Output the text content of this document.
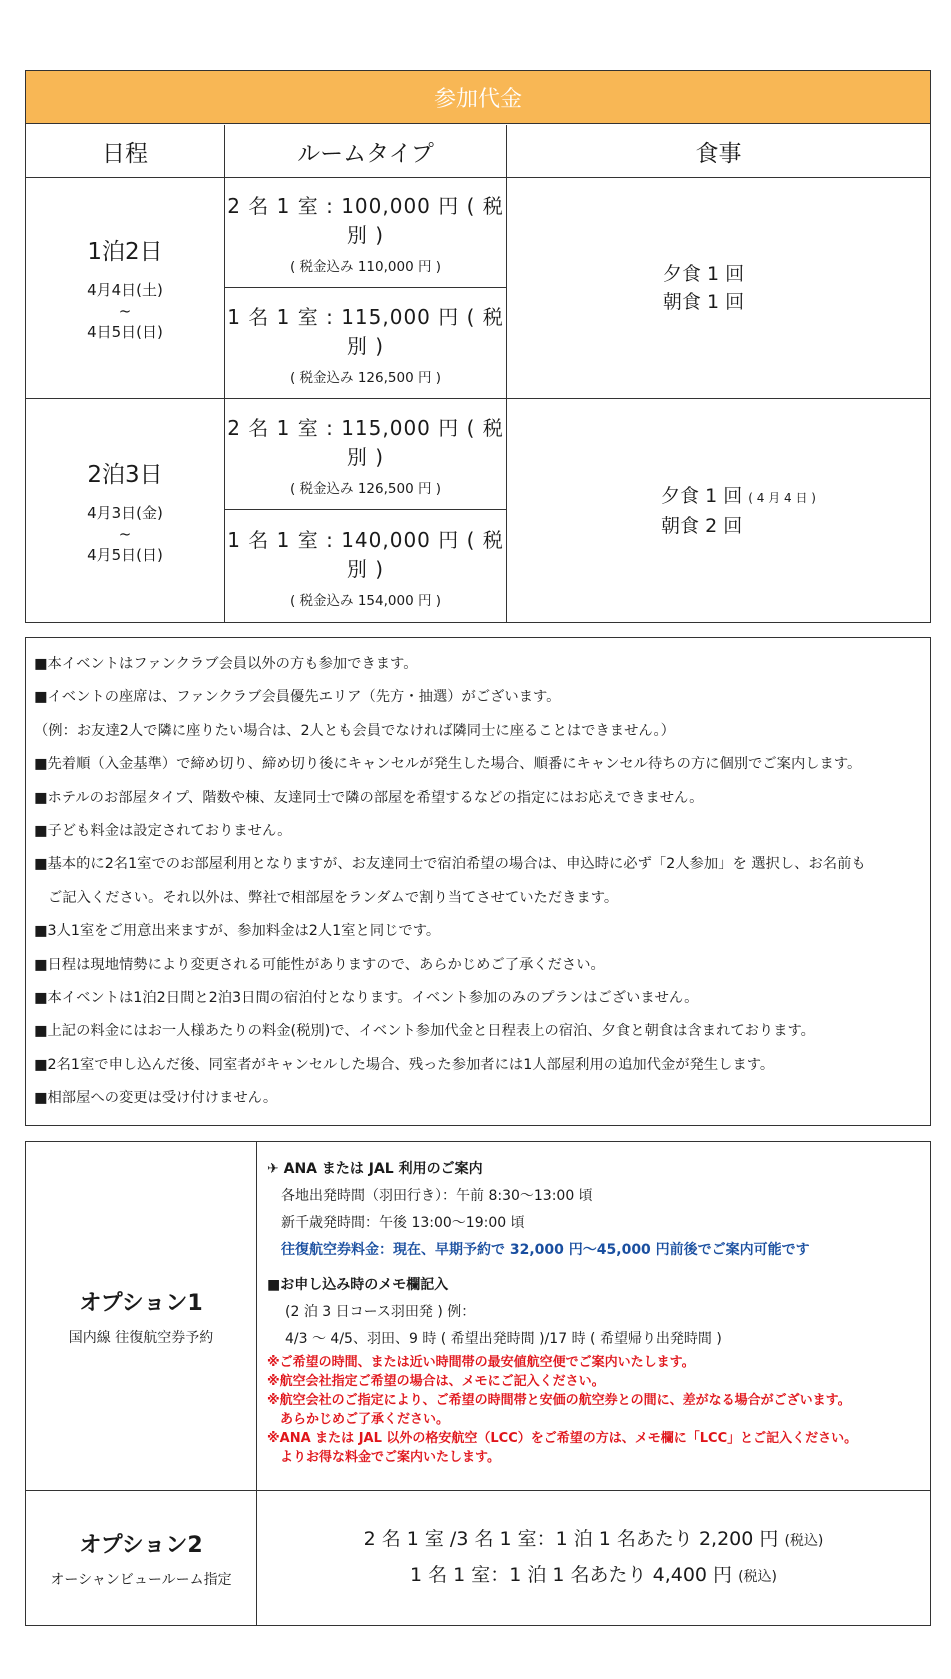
参加代金
日程	ルームタイプ	食事
1泊2日
4月4日(土)
~
4日5日(日)
2 名 1 室 : 100,000 円 ( 税別 )
( 税金込み 110,000 円 )
1 名 1 室 : 115,000 円 ( 税別 )
( 税金込み 126,500 円 )
夕食 1 回
朝食 1 回
2泊3日
4月3日(金)
~
4月5日(日)
2 名 1 室 : 115,000 円 ( 税別 )
( 税金込み 126,500 円 )
1 名 1 室 : 140,000 円 ( 税別 )
( 税金込み 154,000 円 )
夕食 1 回 ( 4 月 4 日 )
朝食 2 回
■本イベントはファンクラブ会員以外の方も参加できます。
■イベントの座席は、ファンクラブ会員優先エリア（先方・抽選）がございます。
（例：お友達2人で隣に座りたい場合は、2人とも会員でなければ隣同士に座ることはできません。）
■先着順（入金基準）で締め切り、締め切り後にキャンセルが発生した場合、順番にキャンセル待ちの方に個別でご案内します。
■ホテルのお部屋タイプ、階数や棟、友達同士で隣の部屋を希望するなどの指定にはお応えできません。
■子ども料金は設定されておりません。
■基本的に2名1室でのお部屋利用となりますが、お友達同士で宿泊希望の場合は、申込時に必ず「2人参加」を 選択し、お名前も
ご記入ください。それ以外は、弊社で相部屋をランダムで割り当てさせていただきます。
■3人1室をご用意出来ますが、参加料金は2人1室と同じです。
■日程は現地情勢により変更される可能性がありますので、あらかじめご了承ください。
■本イベントは1泊2日間と2泊3日間の宿泊付となります。イベント参加のみのプランはございません。
■上記の料金にはお一人様あたりの料金(税別)で、イベント参加代金と日程表上の宿泊、夕食と朝食は含まれております。
■2名1室で申し込んだ後、同室者がキャンセルした場合、残った参加者には1人部屋利用の追加代金が発生します。
■相部屋への変更は受け付けません。
オプション1
国内線 往復航空券予約
✈ ANA または JAL 利用のご案内
各地出発時間（羽田行き）：午前 8:30〜13:00 頃
新千歳発時間：午後 13:00〜19:00 頃
往復航空券料金：現在、早期予約で 32,000 円〜45,000 円前後でご案内可能です
■お申し込み時のメモ欄記入
(2 泊 3 日コース羽田発 ) 例：
4/3 〜 4/5、羽田、9 時 ( 希望出発時間 )/17 時 ( 希望帰り出発時間 )
※ご希望の時間、または近い時間帯の最安値航空便でご案内いたします。
※航空会社指定ご希望の場合は、メモにご記入ください。
※航空会社のご指定により、ご希望の時間帯と安価の航空券との間に、差がなる場合がございます。
　あらかじめご了承ください。
※ANA または JAL 以外の格安航空（LCC）をご希望の方は、メモ欄に「LCC」とご記入ください。
　よりお得な料金でご案内いたします。
オプション2
オーシャンビュールーム指定
2 名 1 室 /3 名 1 室：1 泊 1 名あたり 2,200 円 (税込)
1 名 1 室：1 泊 1 名あたり 4,400 円 (税込)
